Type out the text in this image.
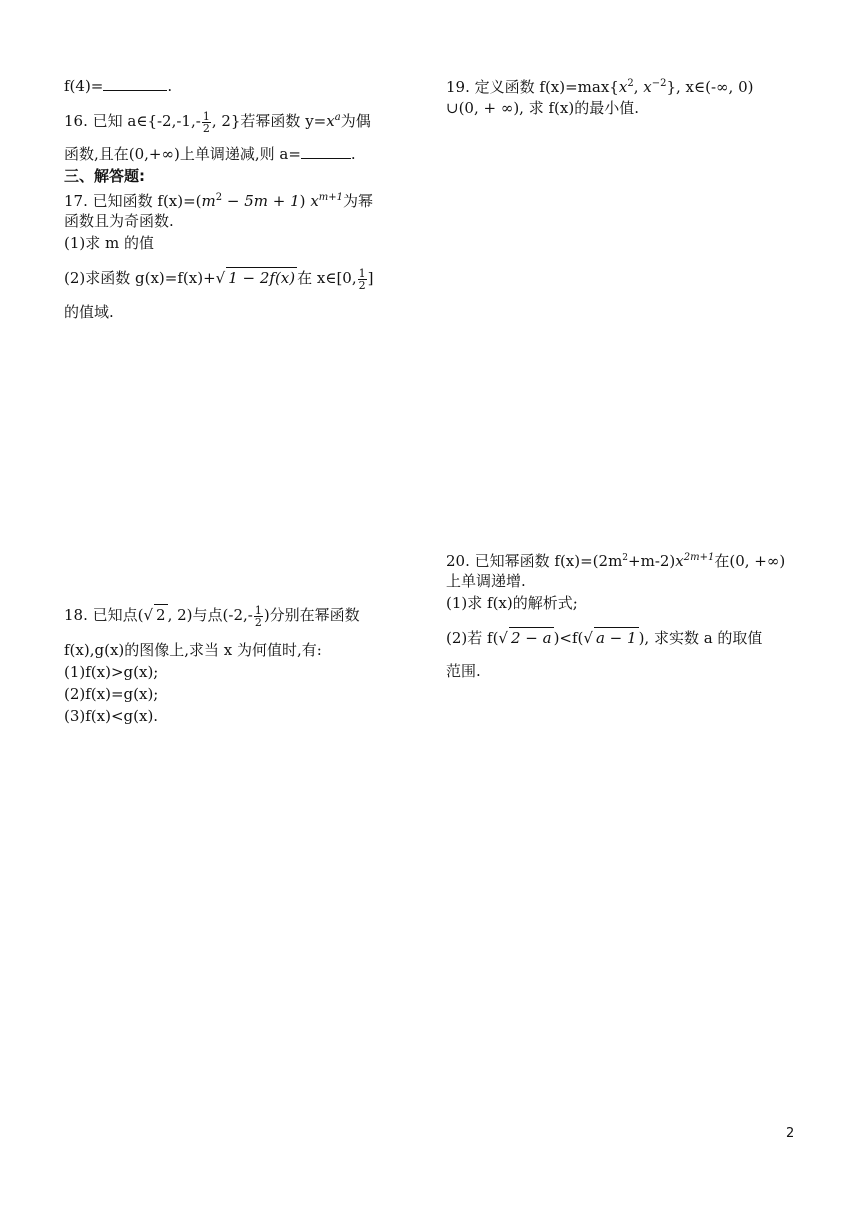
f(4)=	.
16. 已知 a∈{-2,-1,- $\frac{1}{2}$ , 2}若幂函数 $y=x^a$为偶
函数,且在(0,+∞)上单调递减,则 a=	.
三、解答题:
17. 已知函数 $f(x)=(m^2 - 5m + 1)$ $x^{m+1}$为幂
函数且为奇函数.
(1)求 m 的值
(2)求函数 g(x)=f(x)+√ 1 − 2f(x) 在 x∈[0, $\frac{1}{2}$ ]
的值域.
18. 已知点(√ 2 , 2)与点($-2,- \frac{1}{2}$ )分别在幂函数
f(x),g(x)的图像上,求当 x 为何值时,有:
(1)f(x)>g(x);
(2)f(x)=g(x);
(3)f(x)<g(x).
19. 定义函数 $f(x)=\max\{x^2$, $x^{-2}$}, x∈(-∞, 0)
∪(0, + ∞), 求 f(x)的最小值.
20. 已知幂函数 $f(x)=(2m^2+m-2)x^{2m+1}$在(0, +∞)
上单调递增.
(1)求 f(x)的解析式;
(2)若 f(√ 2 − a )<f(√ a − 1 ), 求实数 a 的取值
范围.
2
